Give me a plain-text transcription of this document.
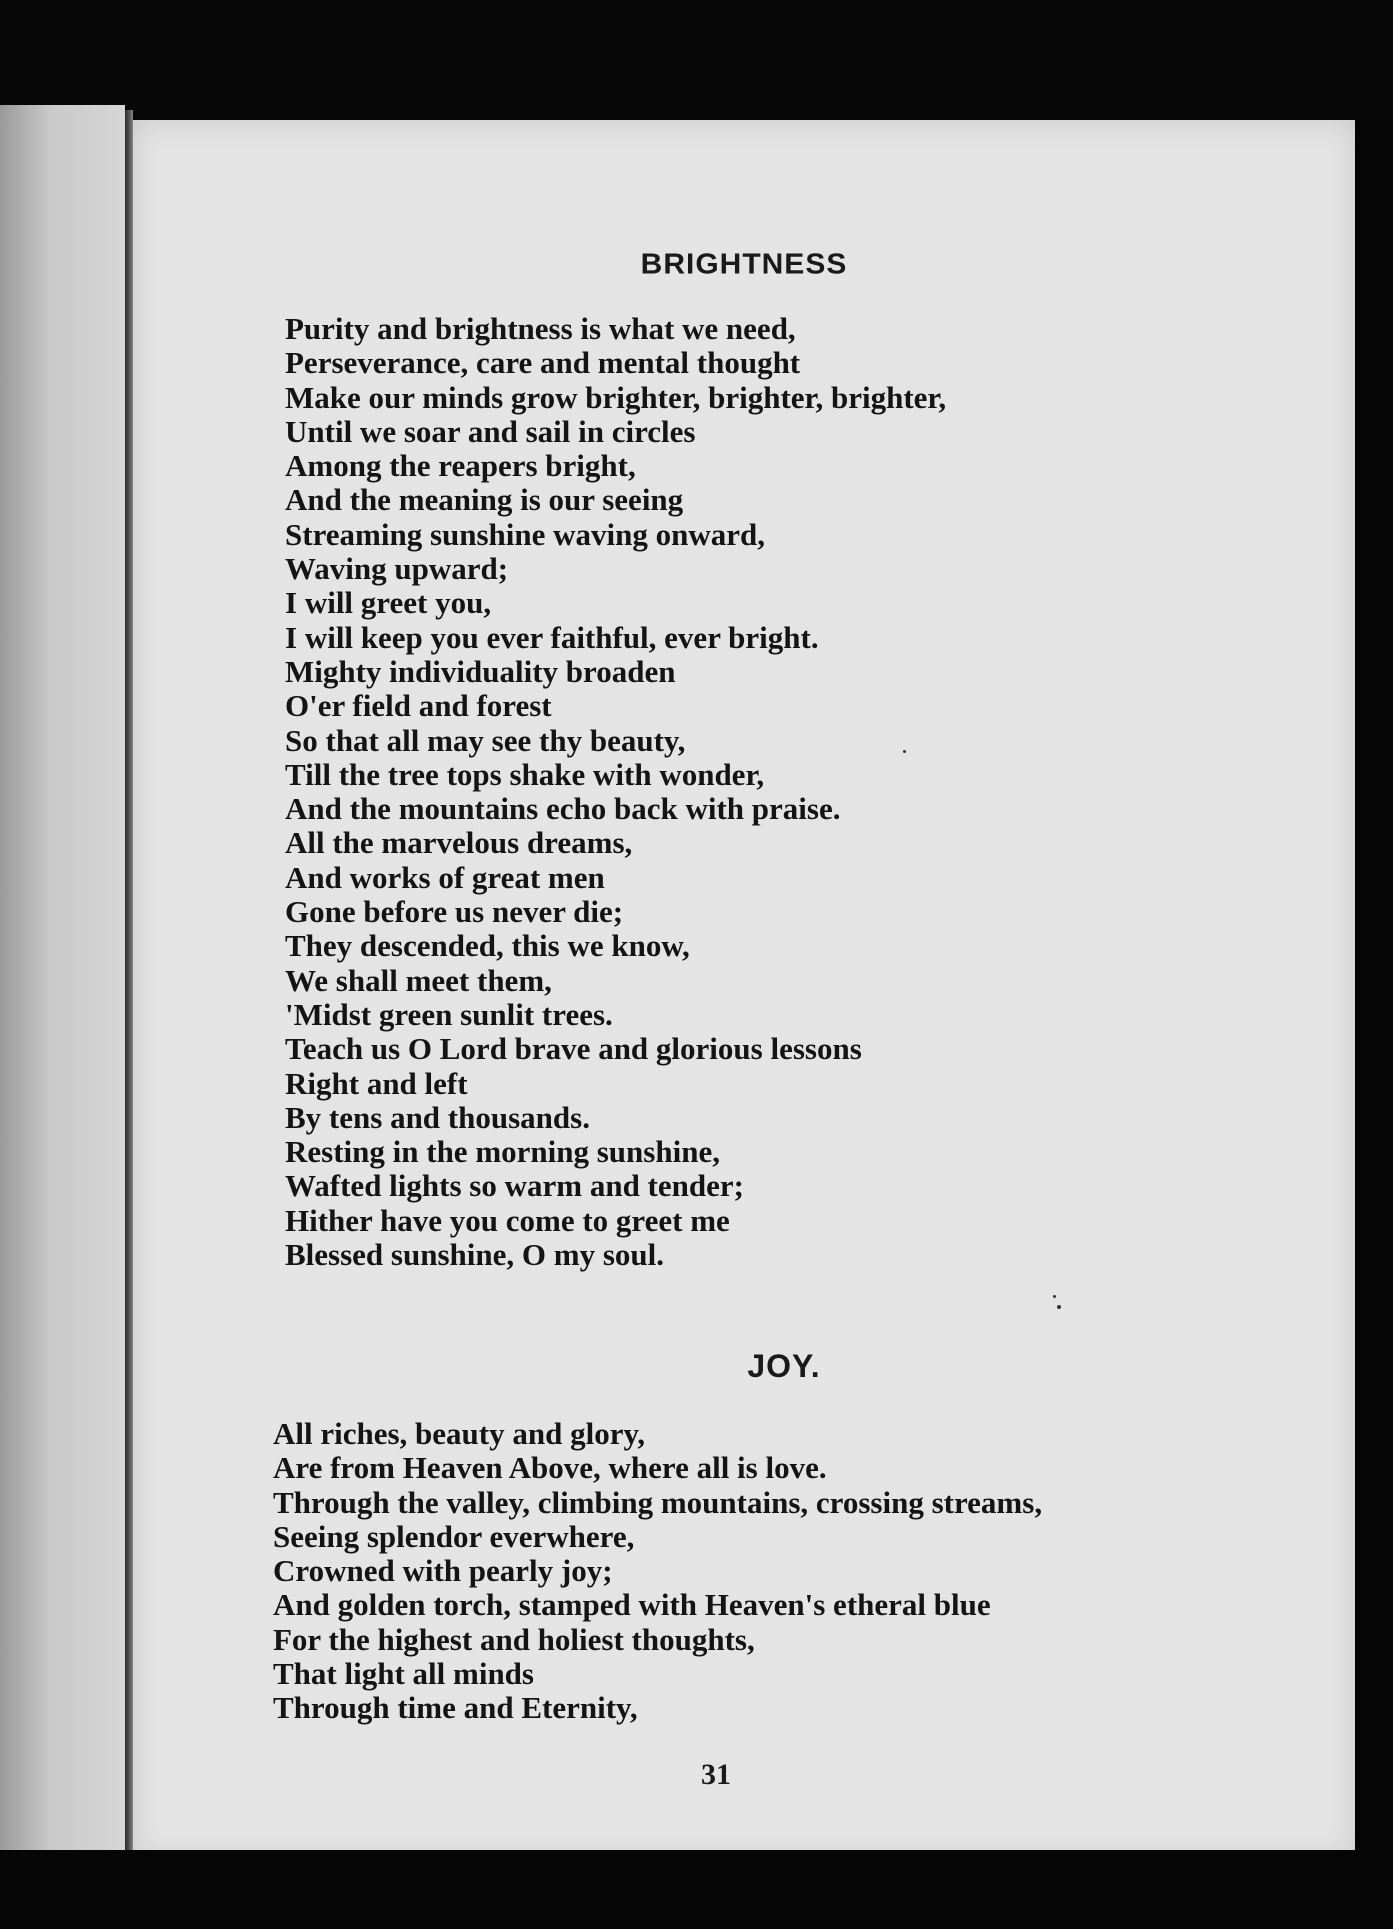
BRIGHTNESS
Purity and brightness is what we need,
Perseverance, care and mental thought
Make our minds grow brighter, brighter, brighter,
Until we soar and sail in circles
Among the reapers bright,
And the meaning is our seeing
Streaming sunshine waving onward,
Waving upward;
I will greet you,
I will keep you ever faithful, ever bright.
Mighty individuality broaden
O'er field and forest
So that all may see thy beauty,
Till the tree tops shake with wonder,
And the mountains echo back with praise.
All the marvelous dreams,
And works of great men
Gone before us never die;
They descended, this we know,
We shall meet them,
'Midst green sunlit trees.
Teach us O Lord brave and glorious lessons
Right and left
By tens and thousands.
Resting in the morning sunshine,
Wafted lights so warm and tender;
Hither have you come to greet me
Blessed sunshine, O my soul.
JOY.
All riches, beauty and glory,
Are from Heaven Above, where all is love.
Through the valley, climbing mountains, crossing streams,
Seeing splendor everwhere,
Crowned with pearly joy;
And golden torch, stamped with Heaven's etheral blue
For the highest and holiest thoughts,
That light all minds
Through time and Eternity,
31
